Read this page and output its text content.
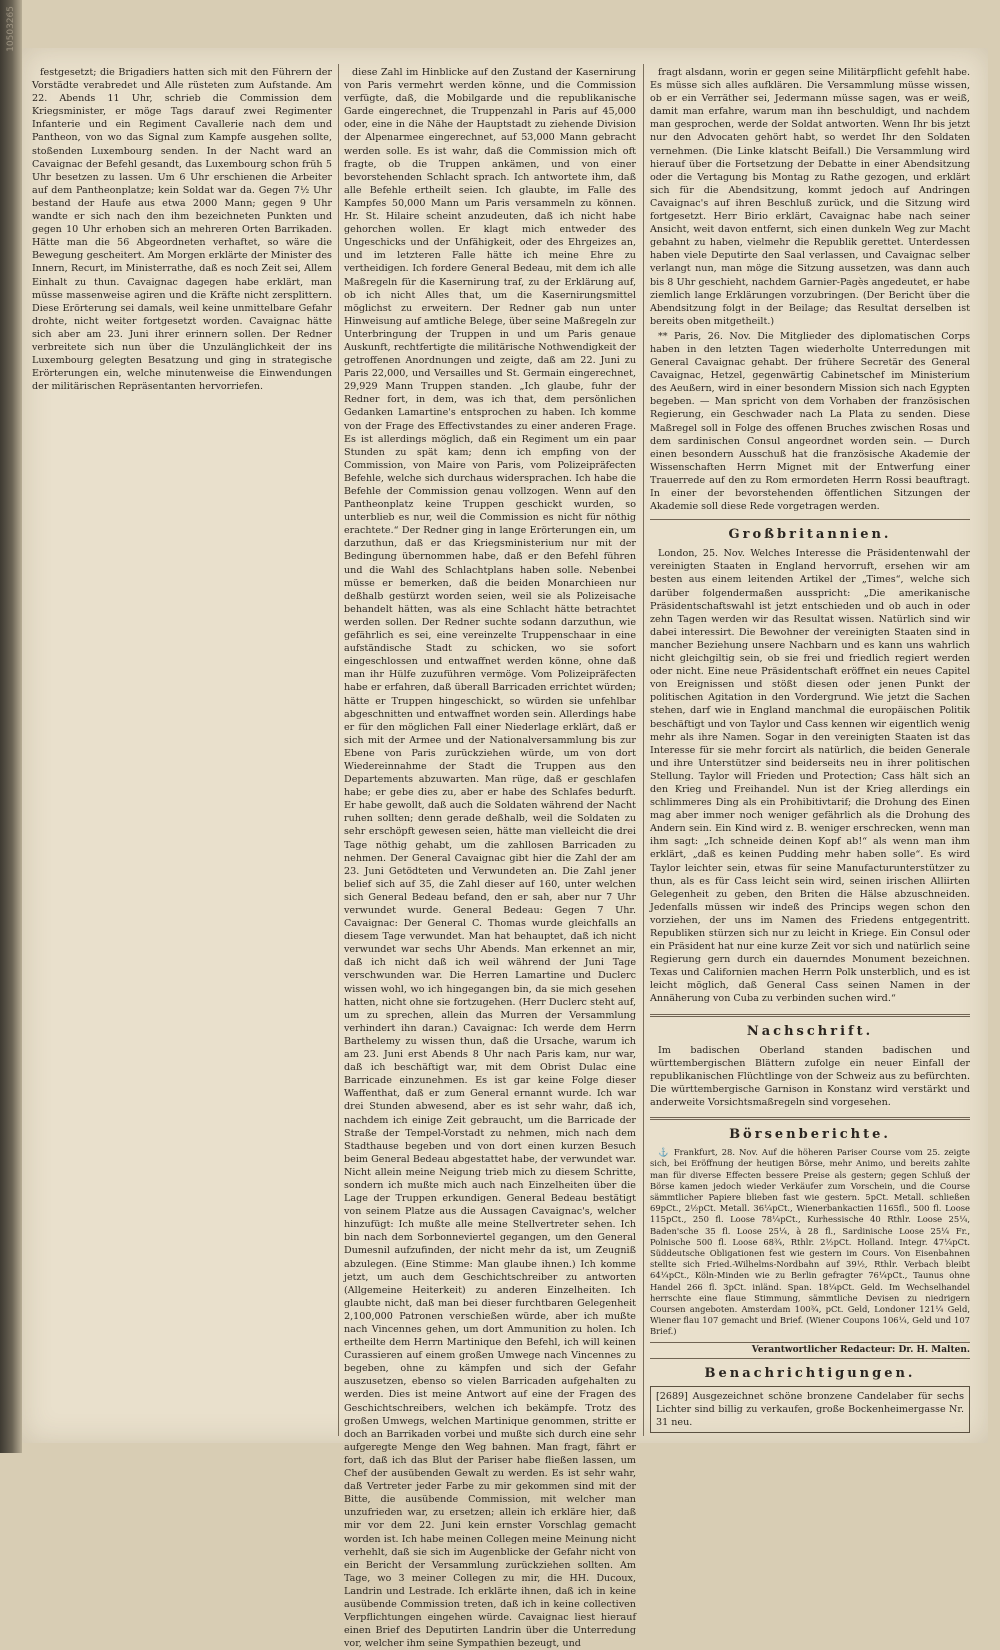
10503265

festgesetzt; die Brigadiers hatten sich mit den Führern der Vorstädte verabredet und Alle rüsteten zum Aufstande. Am 22. Abends 11 Uhr, schrieb die Commission dem Kriegsminister, er möge Tags darauf zwei Regimenter Infanterie und ein Regiment Cavallerie nach dem und Pantheon, von wo das Signal zum Kampfe ausgehen sollte, stoßenden Luxembourg senden. In der Nacht ward an Cavaignac der Befehl gesandt, das Luxembourg schon früh 5 Uhr besetzen zu lassen. Um 6 Uhr erschienen die Arbeiter auf dem Pantheonplatze; kein Soldat war da. Gegen 7½ Uhr bestand der Haufe aus etwa 2000 Mann; gegen 9 Uhr wandte er sich nach den ihm bezeichneten Punkten und gegen 10 Uhr erhoben sich an mehreren Orten Barrikaden. Hätte man die 56 Abgeordneten verhaftet, so wäre die Bewegung gescheitert. Am Morgen erklärte der Minister des Innern, Recurt, im Ministerrathe, daß es noch Zeit sei, Allem Einhalt zu thun. Cavaignac dagegen habe erklärt, man müsse massenweise agiren und die Kräfte nicht zersplittern. Diese Erörterung sei damals, weil keine unmittelbare Gefahr drohte, nicht weiter fortgesetzt worden. Cavaignac hätte sich aber am 23. Juni ihrer erinnern sollen. Der Redner verbreitete sich nun über die Unzulänglichkeit der ins Luxembourg gelegten Besatzung und ging in strategische Erörterungen ein, welche minutenweise die Einwendungen der militärischen Repräsentanten hervorriefen.

diese Zahl im Hinblicke auf den Zustand der Kasernirung von Paris vermehrt werden könne, und die Commission verfügte, daß, die Mobilgarde und die republikanische Garde eingerechnet, die Truppenzahl in Paris auf 45,000 oder, eine in die Nähe der Hauptstadt zu ziehende Division der Alpenarmee eingerechnet, auf 53,000 Mann gebracht werden solle. Es ist wahr, daß die Commission mich oft fragte, ob die Truppen ankämen, und von einer bevorstehenden Schlacht sprach. Ich antwortete ihm, daß alle Befehle ertheilt seien. Ich glaubte, im Falle des Kampfes 50,000 Mann um Paris versammeln zu können. Hr. St. Hilaire scheint anzudeuten, daß ich nicht habe gehorchen wollen. Er klagt mich entweder des Ungeschicks und der Unfähigkeit, oder des Ehrgeizes an, und im letzteren Falle hätte ich meine Ehre zu vertheidigen. Ich fordere General Bedeau, mit dem ich alle Maßregeln für die Kasernirung traf, zu der Erklärung auf, ob ich nicht Alles that, um die Kasernirungsmittel möglichst zu erweitern. Der Redner gab nun unter Hinweisung auf amtliche Belege, über seine Maßregeln zur Unterbringung der Truppen in und um Paris genaue Auskunft, rechtfertigte die militärische Nothwendigkeit der getroffenen Anordnungen und zeigte, daß am 22. Juni zu Paris 22,000, und Versailles und St. Germain eingerechnet, 29,929 Mann Truppen standen. „Ich glaube, fuhr der Redner fort, in dem, was ich that, dem persönlichen Gedanken Lamartine's entsprochen zu haben. Ich komme von der Frage des Effectivstandes zu einer anderen Frage. Es ist allerdings möglich, daß ein Regiment um ein paar Stunden zu spät kam; denn ich empfing von der Commission, von Maire von Paris, vom Polizeipräfecten Befehle, welche sich durchaus widersprachen. Ich habe die Befehle der Commission genau vollzogen. Wenn auf den Pantheonplatz keine Truppen geschickt wurden, so unterblieb es nur, weil die Commission es nicht für nöthig erachtete.“ Der Redner ging in lange Erörterungen ein, um darzuthun, daß er das Kriegsministerium nur mit der Bedingung übernommen habe, daß er den Befehl führen und die Wahl des Schlachtplans haben solle. Nebenbei müsse er bemerken, daß die beiden Monarchieen nur deßhalb gestürzt worden seien, weil sie als Polizeisache behandelt hätten, was als eine Schlacht hätte betrachtet werden sollen. Der Redner suchte sodann darzuthun, wie gefährlich es sei, eine vereinzelte Truppenschaar in eine aufständische Stadt zu schicken, wo sie sofort eingeschlossen und entwaffnet werden könne, ohne daß man ihr Hülfe zuzuführen vermöge. Vom Polizeipräfecten habe er erfahren, daß überall Barricaden errichtet würden; hätte er Truppen hingeschickt, so würden sie unfehlbar abgeschnitten und entwaffnet worden sein. Allerdings habe er für den möglichen Fall einer Niederlage erklärt, daß er sich mit der Armee und der Nationalversammlung bis zur Ebene von Paris zurückziehen würde, um von dort Wiedereinnahme der Stadt die Truppen aus den Departements abzuwarten. Man rüge, daß er geschlafen habe; er gebe dies zu, aber er habe des Schlafes bedurft. Er habe gewollt, daß auch die Soldaten während der Nacht ruhen sollten; denn gerade deßhalb, weil die Soldaten zu sehr erschöpft gewesen seien, hätte man vielleicht die drei Tage nöthig gehabt, um die zahllosen Barricaden zu nehmen. Der General Cavaignac gibt hier die Zahl der am 23. Juni Getödteten und Verwundeten an. Die Zahl jener belief sich auf 35, die Zahl dieser auf 160, unter welchen sich General Bedeau befand, den er sah, aber nur 7 Uhr verwundet wurde. General Bedeau: Gegen 7 Uhr. Cavaignac: Der General C. Thomas wurde gleichfalls an diesem Tage verwundet. Man hat behauptet, daß ich nicht verwundet war sechs Uhr Abends. Man erkennet an mir, daß ich nicht daß ich weil während der Juni Tage verschwunden war. Die Herren Lamartine und Duclerc wissen wohl, wo ich hingegangen bin, da sie mich gesehen hatten, nicht ohne sie fortzugehen. (Herr Duclerc steht auf, um zu sprechen, allein das Murren der Versammlung verhindert ihn daran.) Cavaignac: Ich werde dem Herrn Barthelemy zu wissen thun, daß die Ursache, warum ich am 23. Juni erst Abends 8 Uhr nach Paris kam, nur war, daß ich beschäftigt war, mit dem Obrist Dulac eine Barricade einzunehmen. Es ist gar keine Folge dieser Waffenthat, daß er zum General ernannt wurde. Ich war drei Stunden abwesend, aber es ist sehr wahr, daß ich, nachdem ich einige Zeit gebraucht, um die Barricade der Straße der Tempel-Vorstadt zu nehmen, mich nach dem Stadthause begeben und von dort einen kurzen Besuch beim General Bedeau abgestattet habe, der verwundet war. Nicht allein meine Neigung trieb mich zu diesem Schritte, sondern ich mußte mich auch nach Einzelheiten über die Lage der Truppen erkundigen. General Bedeau bestätigt von seinem Platze aus die Aussagen Cavaignac's, welcher hinzufügt: Ich mußte alle meine Stellvertreter sehen. Ich bin nach dem Sorbonneviertel gegangen, um den General Dumesnil aufzufinden, der nicht mehr da ist, um Zeugniß abzulegen. (Eine Stimme: Man glaube ihnen.) Ich komme jetzt, um auch dem Geschichtschreiber zu antworten (Allgemeine Heiterkeit) zu anderen Einzelheiten. Ich glaubte nicht, daß man bei dieser furchtbaren Gelegenheit 2,100,000 Patronen verschießen würde, aber ich mußte nach Vincennes gehen, um dort Ammunition zu holen. Ich ertheilte dem Herrn Martinique den Befehl, ich will keinen Curassieren auf einem großen Umwege nach Vincennes zu begeben, ohne zu kämpfen und sich der Gefahr auszusetzen, ebenso so vielen Barricaden aufgehalten zu werden. Dies ist meine Antwort auf eine der Fragen des Geschichtschreibers, welchen ich bekämpfe. Trotz des großen Umwegs, welchen Martinique genommen, stritte er doch an Barrikaden vorbei und mußte sich durch eine sehr aufgeregte Menge den Weg bahnen. Man fragt, fährt er fort, daß ich das Blut der Pariser habe fließen lassen, um Chef der ausübenden Gewalt zu werden. Es ist sehr wahr, daß Vertreter jeder Farbe zu mir gekommen sind mit der Bitte, die ausübende Commission, mit welcher man unzufrieden war, zu ersetzen; allein ich erkläre hier, daß mir vor dem 22. Juni kein ernster Vorschlag gemacht worden ist. Ich habe meinen Collegen meine Meinung nicht verhehlt, daß sie sich im Augenblicke der Gefahr nicht von ein Bericht der Versammlung zurückziehen sollten. Am Tage, wo 3 meiner Collegen zu mir, die HH. Ducoux, Landrin und Lestrade. Ich erklärte ihnen, daß ich in keine ausübende Commission treten, daß ich in keine collectiven Verpflichtungen eingehen würde. Cavaignac liest hierauf einen Brief des Deputirten Landrin über die Unterredung vor, welcher ihm seine Sympathien bezeugt, und

fragt alsdann, worin er gegen seine Militärpflicht gefehlt habe. Es müsse sich alles aufklären. Die Versammlung müsse wissen, ob er ein Verräther sei, Jedermann müsse sagen, was er weiß, damit man erfahre, warum man ihn beschuldigt, und nachdem man gesprochen, werde der Soldat antworten. Wenn Ihr bis jetzt nur den Advocaten gehört habt, so werdet Ihr den Soldaten vernehmen. (Die Linke klatscht Beifall.) Die Versammlung wird hierauf über die Fortsetzung der Debatte in einer Abendsitzung oder die Vertagung bis Montag zu Rathe gezogen, und erklärt sich für die Abendsitzung, kommt jedoch auf Andringen Cavaignac's auf ihren Beschluß zurück, und die Sitzung wird fortgesetzt. Herr Birio erklärt, Cavaignac habe nach seiner Ansicht, weit davon entfernt, sich einen dunkeln Weg zur Macht gebahnt zu haben, vielmehr die Republik gerettet. Unterdessen haben viele Deputirte den Saal verlassen, und Cavaignac selber verlangt nun, man möge die Sitzung aussetzen, was dann auch bis 8 Uhr geschieht, nachdem Garnier-Pagès angedeutet, er habe ziemlich lange Erklärungen vorzubringen. (Der Bericht über die Abendsitzung folgt in der Beilage; das Resultat derselben ist bereits oben mitgetheilt.)

** Paris, 26. Nov. Die Mitglieder des diplomatischen Corps haben in den letzten Tagen wiederholte Unterredungen mit General Cavaignac gehabt. Der frühere Secretär des General Cavaignac, Hetzel, gegenwärtig Cabinetschef im Ministerium des Aeußern, wird in einer besondern Mission sich nach Egypten begeben. — Man spricht von dem Vorhaben der französischen Regierung, ein Geschwader nach La Plata zu senden. Diese Maßregel soll in Folge des offenen Bruches zwischen Rosas und dem sardinischen Consul angeordnet worden sein. — Durch einen besondern Ausschuß hat die französische Akademie der Wissenschaften Herrn Mignet mit der Entwerfung einer Trauerrede auf den zu Rom ermordeten Herrn Rossi beauftragt. In einer der bevorstehenden öffentlichen Sitzungen der Akademie soll diese Rede vorgetragen werden.

Großbritannien.

London, 25. Nov. Welches Interesse die Präsidentenwahl der vereinigten Staaten in England hervorruft, ersehen wir am besten aus einem leitenden Artikel der „Times“, welche sich darüber folgendermaßen ausspricht: „Die amerikanische Präsidentschaftswahl ist jetzt entschieden und ob auch in oder zehn Tagen werden wir das Resultat wissen. Natürlich sind wir dabei interessirt. Die Bewohner der vereinigten Staaten sind in mancher Beziehung unsere Nachbarn und es kann uns wahrlich nicht gleichgiltig sein, ob sie frei und friedlich regiert werden oder nicht. Eine neue Präsidentschaft eröffnet ein neues Capitel von Ereignissen und stößt diesen oder jenen Punkt der politischen Agitation in den Vordergrund. Wie jetzt die Sachen stehen, darf wie in England manchmal die europäischen Politik beschäftigt und von Taylor und Cass kennen wir eigentlich wenig mehr als ihre Namen. Sogar in den vereinigten Staaten ist das Interesse für sie mehr forcirt als natürlich, die beiden Generale und ihre Unterstützer sind beiderseits neu in ihrer politischen Stellung. Taylor will Frieden und Protection; Cass hält sich an den Krieg und Freihandel. Nun ist der Krieg allerdings ein schlimmeres Ding als ein Prohibitivtarif; die Drohung des Einen mag aber immer noch weniger gefährlich als die Drohung des Andern sein. Ein Kind wird z. B. weniger erschrecken, wenn man ihm sagt: „Ich schneide deinen Kopf ab!“ als wenn man ihm erklärt, „daß es keinen Pudding mehr haben solle“. Es wird Taylor leichter sein, etwas für seine Manufacturunterstützer zu thun, als es für Cass leicht sein wird, seinen irischen Alliirten Gelegenheit zu geben, den Briten die Hälse abzuschneiden. Jedenfalls müssen wir indeß des Princips wegen schon den vorziehen, der uns im Namen des Friedens entgegentritt. Republiken stürzen sich nur zu leicht in Kriege. Ein Consul oder ein Präsident hat nur eine kurze Zeit vor sich und natürlich seine Regierung gern durch ein dauerndes Monument bezeichnen. Texas und Californien machen Herrn Polk unsterblich, und es ist leicht möglich, daß General Cass seinen Namen in der Annäherung von Cuba zu verbinden suchen wird.“

Nachschrift.

Im badischen Oberland standen badischen und württembergischen Blättern zufolge ein neuer Einfall der republikanischen Flüchtlinge von der Schweiz aus zu befürchten. Die württembergische Garnison in Konstanz wird verstärkt und anderweite Vorsichtsmaßregeln sind vorgesehen.

Börsenberichte.

⚓ Frankfurt, 28. Nov. Auf die höheren Pariser Course vom 25. zeigte sich, bei Eröffnung der heutigen Börse, mehr Animo, und bereits zahlte man für diverse Effecten bessere Preise als gestern; gegen Schluß der Börse kamen jedoch wieder Verkäufer zum Vorschein, und die Course sämmtlicher Papiere blieben fast wie gestern. 5pCt. Metall. schließen 69pCt., 2½pCt. Metall. 36¼pCt., Wienerbankactien 1165fl., 500 fl. Loose 115pCt., 250 fl. Loose 78¼pCt., Kurhessische 40 Rthlr. Loose 25¼, Baden'sche 35 fl. Loose 25¼, à 28 fl., Sardinische Loose 25¼ Fr., Polnische 500 fl. Loose 68¾, Rthlr. 2½pCt. Holland. Integr. 47¼pCt. Süddeutsche Obligationen fest wie gestern im Cours. Von Eisenbahnen stellte sich Fried.-Wilhelms-Nordbahn auf 39½, Rthlr. Verbach bleibt 64¼pCt., Köln-Minden wie zu Berlin gefragter 76¼pCt., Taunus ohne Handel 266 fl. 3pCt. inländ. Span. 18¼pCt. Geld. Im Wechselhandel herrschte eine flaue Stimmung, sämmtliche Devisen zu niedrigern Coursen angeboten. Amsterdam 100¾, pCt. Geld, Londoner 121¼ Geld, Wiener flau 107 gemacht und Brief. (Wiener Coupons 106¼, Geld und 107 Brief.)

Verantwortlicher Redacteur: Dr. H. Malten.
Benachrichtigungen.
[2689] Ausgezeichnet schöne bronzene Candelaber für sechs Lichter sind billig zu verkaufen, große Bockenheimergasse Nr. 31 neu.
